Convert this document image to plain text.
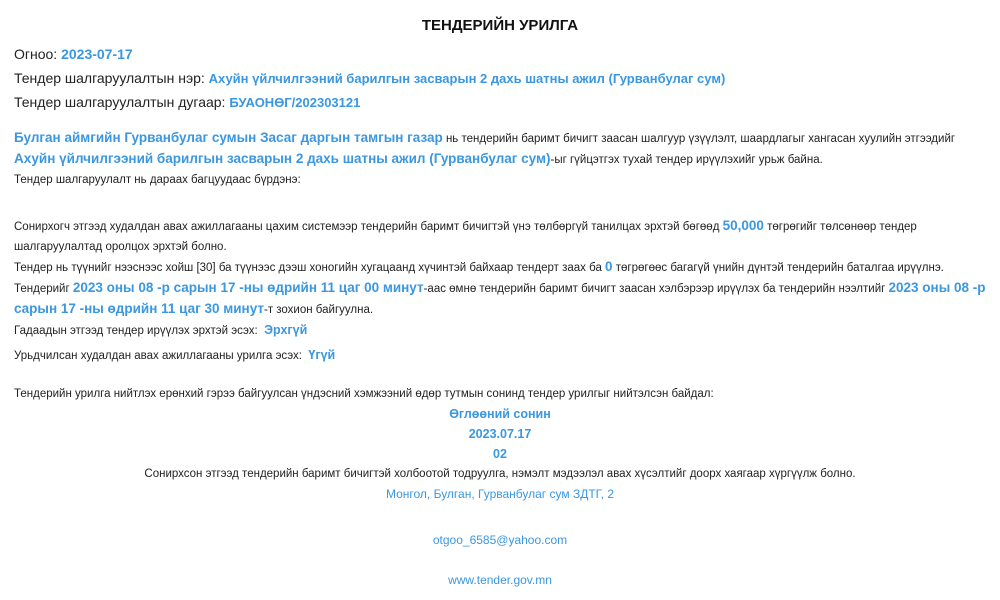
ТЕНДЕРИЙН УРИЛГА
Огноо: 2023-07-17
Тендер шалгаруулалтын нэр: Ахуйн үйлчилгээний барилгын засварын 2 дахь шатны ажил (Гурванбулаг сум)
Тендер шалгаруулалтын дугаар: БУАОНӨГ/202303121
Булган аймгийн Гурванбулаг сумын Засаг даргын тамгын газар нь тендерийн баримт бичигт заасан шалгуур үзүүлэлт, шаардлагыг хангасан хуулийн этгээдийг Ахуйн үйлчилгээний барилгын засварын 2 дахь шатны ажил (Гурванбулаг сум)-ыг гүйцэтгэх тухай тендер ирүүлэхийг урьж байна.
Тендер шалгаруулалт нь дараах багцуудаас бүрдэнэ:
Сонирхогч этгээд худалдан авах ажиллагааны цахим системээр тендерийн баримт бичигтэй үнэ төлбөргүй танилцах эрхтэй бөгөөд 50,000 төгрөгийг төлсөнөөр тендер шалгаруулалтад оролцох эрхтэй болно.
Тендер нь түүнийг нээснээс хойш [30] ба түүнээс дээш хоногийн хугацаанд хүчинтэй байхаар тендерт заах ба 0 төгрөгөөс багагүй үнийн дүнтэй тендерийн баталгаа ирүүлнэ.
Тендерийг 2023 оны 08 -р сарын 17 -ны өдрийн 11 цаг 00 минут-аас өмнө тендерийн баримт бичигт заасан хэлбэрээр ирүүлэх ба тендерийн нээлтийг 2023 оны 08 -р сарын 17 -ны өдрийн 11 цаг 30 минут-т зохион байгуулна.
Гадаадын этгээд тендер ирүүлэх эрхтэй эсэх:  Эрхгүй
Урьдчилсан худалдан авах ажиллагааны урилга эсэх:  Үгүй
Тендерийн урилга нийтлэх ерөнхий гэрээ байгуулсан үндэсний хэмжээний өдөр тутмын сонинд тендер урилгыг нийтэлсэн байдал:
Өглөөний сонин
2023.07.17
02
Сонирхсон этгээд тендерийн баримт бичигтэй холбоотой тодруулга, нэмэлт мэдээлэл авах хүсэлтийг доорх хаягаар хүргүүлж болно.
Монгол, Булган, Гурванбулаг сум ЗДТГ, 2
otgoo_6585@yahoo.com
www.tender.gov.mn
